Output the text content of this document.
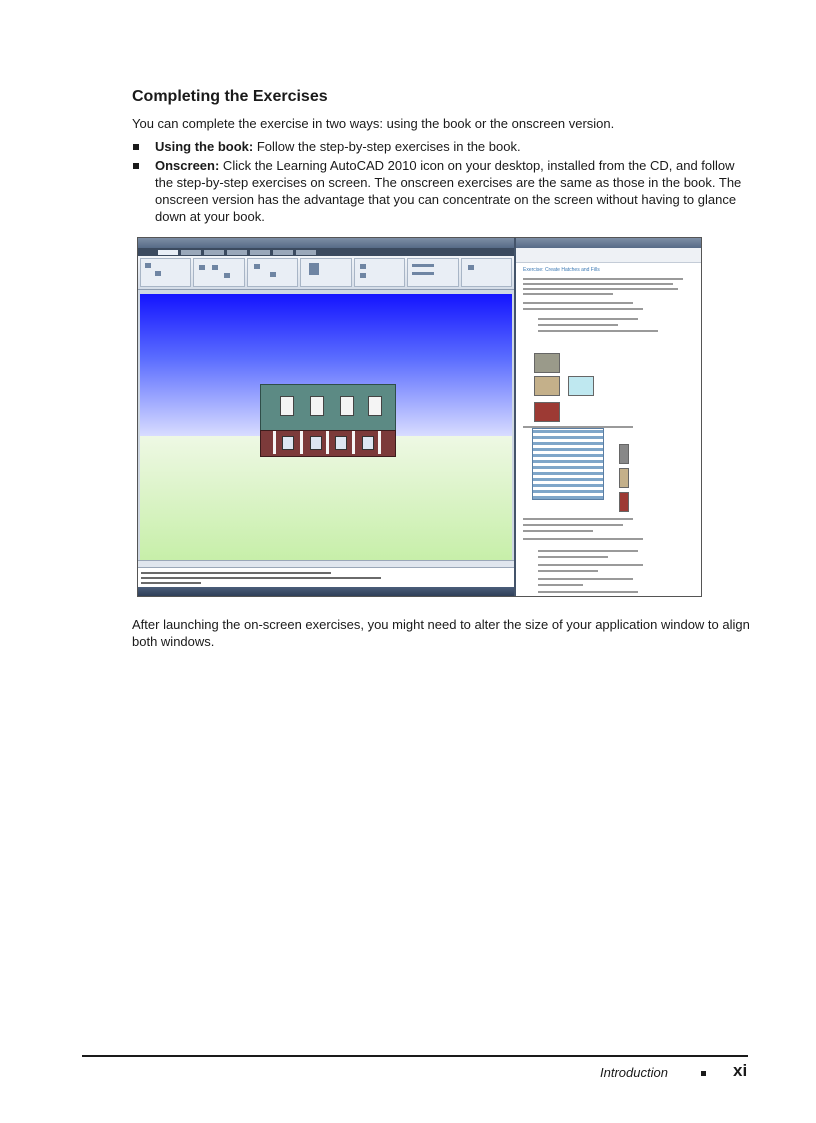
Completing the Exercises

You can complete the exercise in two ways: using the book or the onscreen version.

Using the book: Follow the step-by-step exercises in the book.
Onscreen: Click the Learning AutoCAD 2010 icon on your desktop, installed from the CD, and follow the step-by-step exercises on screen. The onscreen exercises are the same as those in the book. The onscreen version has the advantage that you can concentrate on the screen without having to glance down at your book.
Exercise: Create Hatches and Fills

After launching the on-screen exercises, you might need to alter the size of your application window to align both windows.

Introduction	xi
